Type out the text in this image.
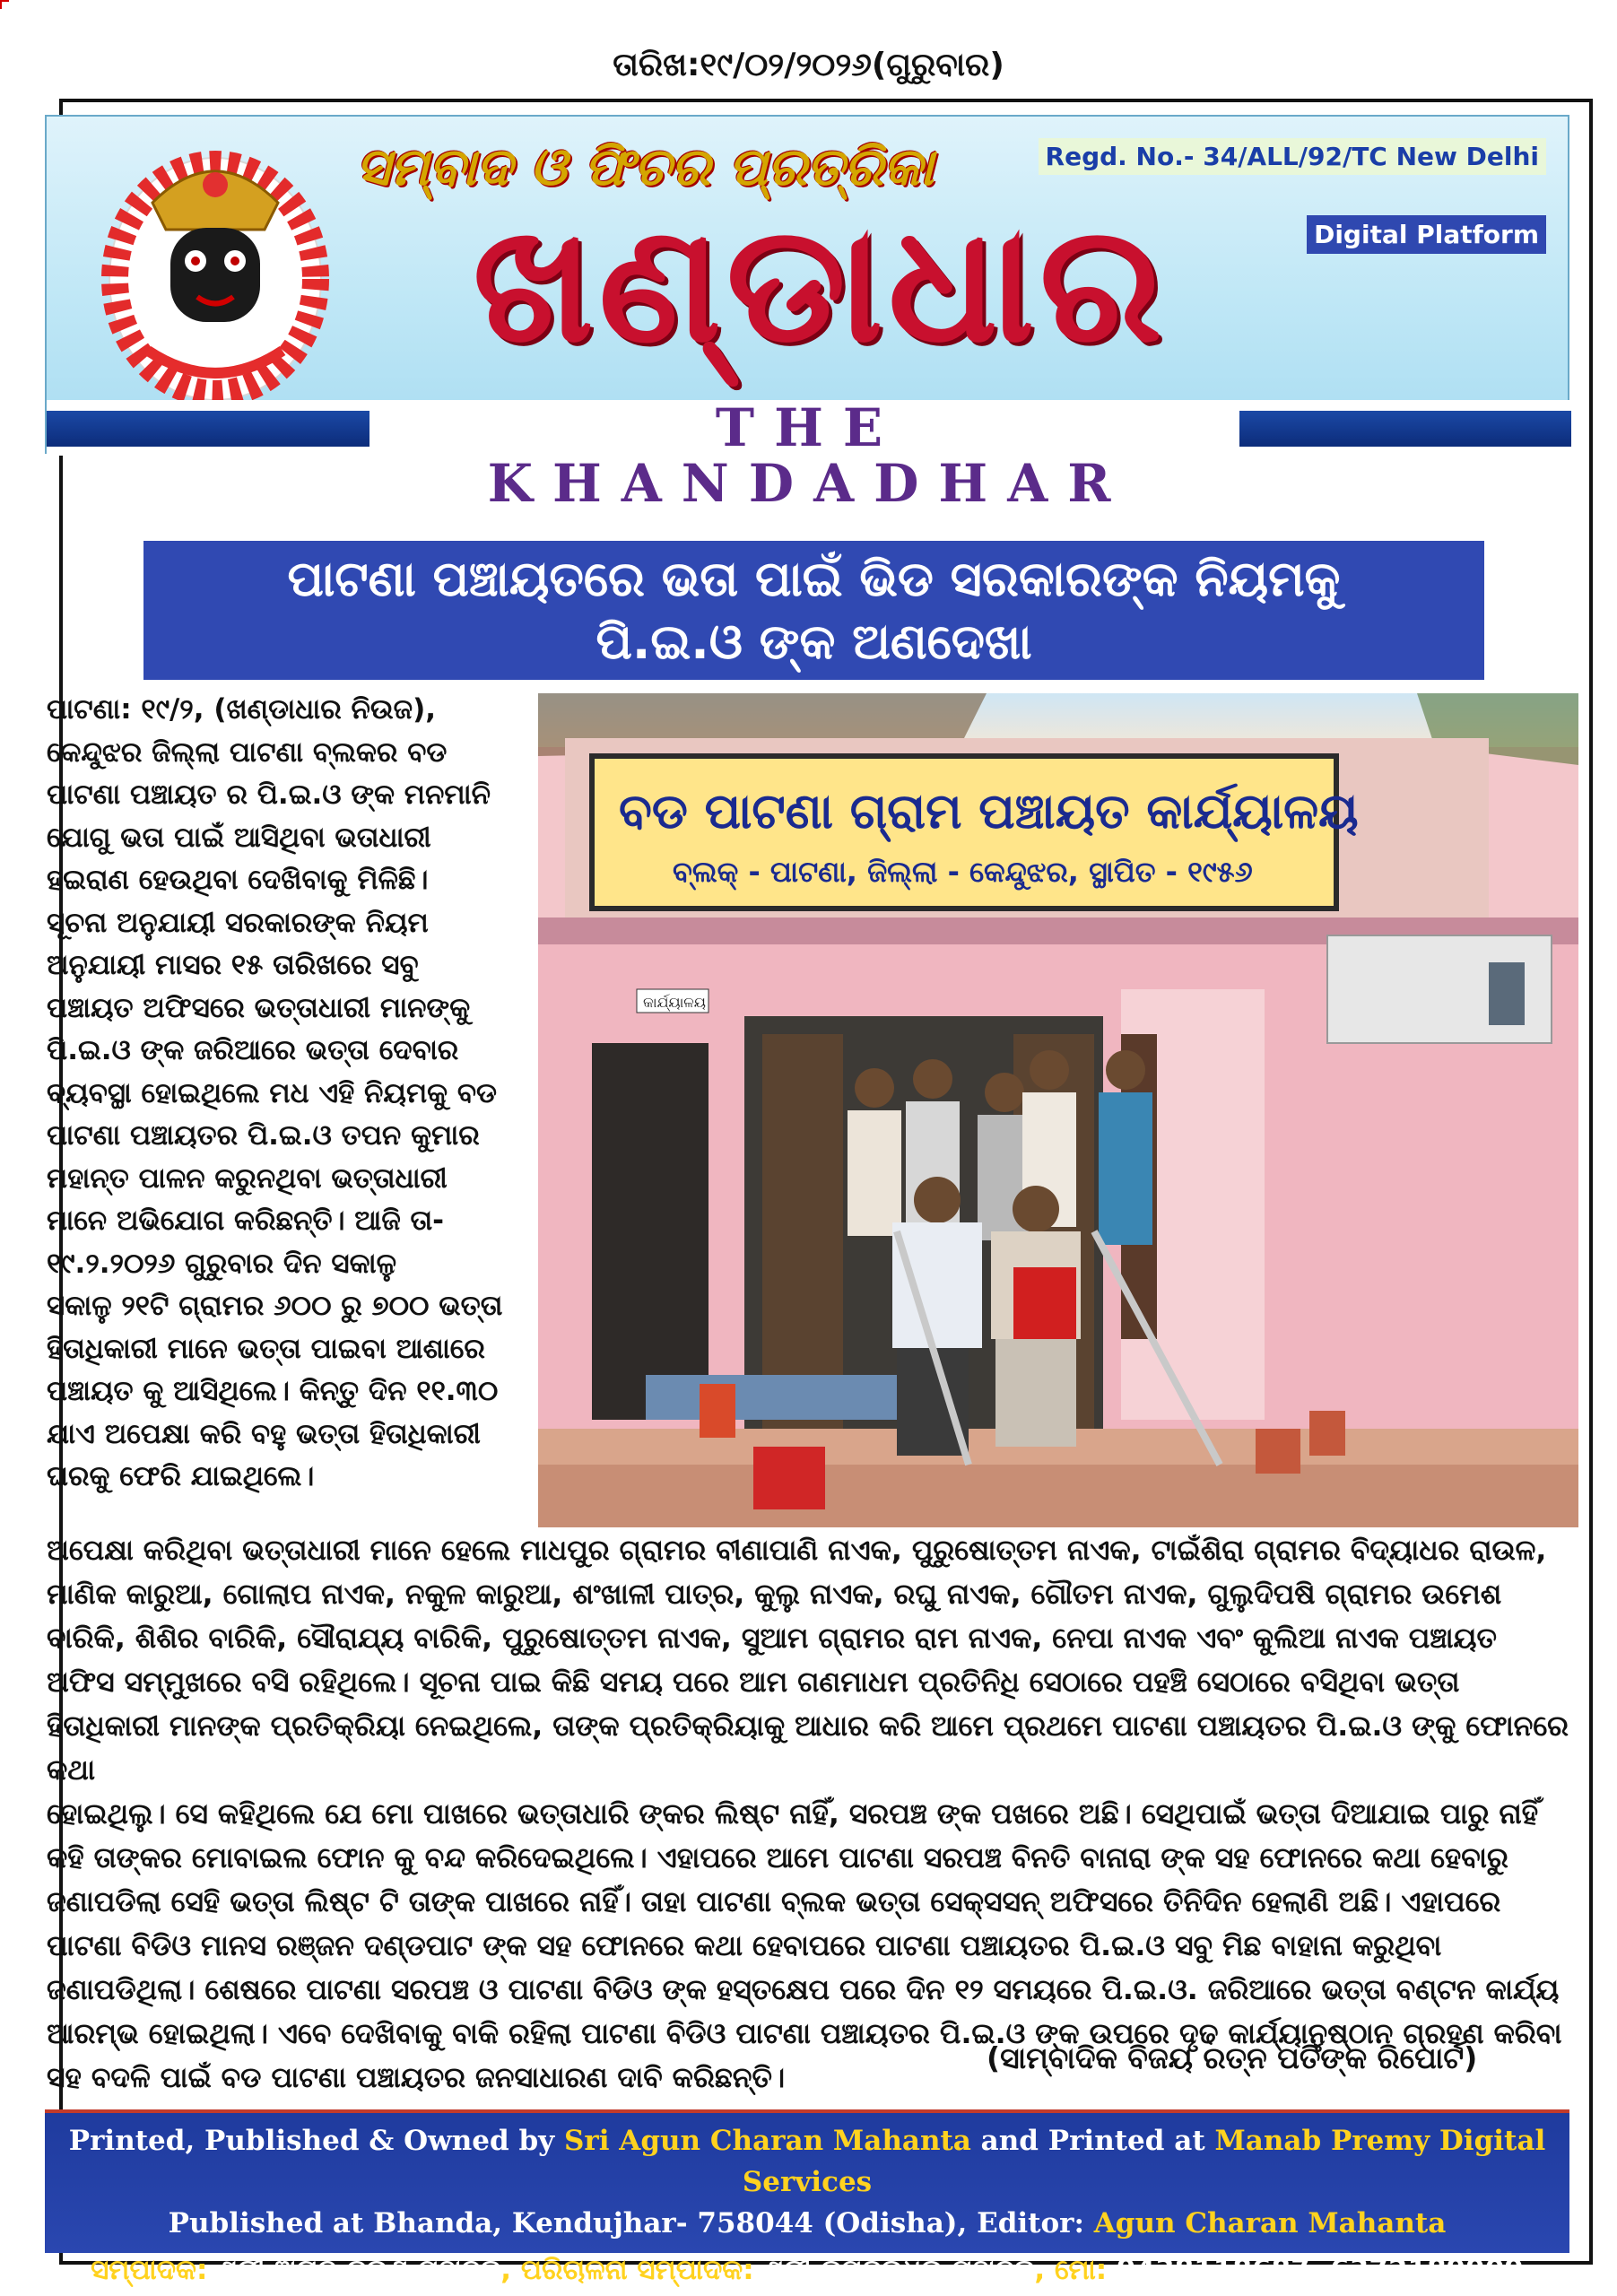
ତାରିଖ:୧୯/୦୨/୨୦୨୬(ଗୁରୁବାର)
ସମ୍ବାଦ ଓ ଫିଚର ପ୍ରତ୍ରିକା
ଖଣ୍ଡାଧାର
Regd. No.- 34/ALL/92/TC New Delhi
Digital Platform
THE KHANDADHAR
ପାଟଣା ପଞ୍ଚାୟତରେ ଭତା ପାଇଁ ଭିଡ ସରକାରଙ୍କ ନିୟମକୁ
ପି.ଇ.ଓ ଙ୍କ ଅଣଦେଖା
ପାଟଣା: ୧୯/୨, (ଖଣ୍ଡାଧାର ନିଉଜ),
କେନ୍ଦୁଝର ଜିଲ୍ଲା ପାଟଣା ବ୍ଲକର ବଡ
ପାଟଣା ପଞ୍ଚାୟତ ର ପି.ଇ.ଓ ଙ୍କ ମନମାନି
ଯୋଗୁ ଭତା ପାଇଁ ଆସିଥିବା ଭତାଧାରୀ
ହଇରାଣ ହେଉଥିବା ଦେଖିବାକୁ ମିଳିଛି।
ସୂଚନା ଅନୁଯାୟୀ ସରକାରଙ୍କ ନିୟମ
ଅନୁଯାୟୀ ମାସର ୧୫ ତାରିଖରେ ସବୁ
ପଞ୍ଚାୟତ ଅଫିସରେ ଭତ୍ତାଧାରୀ ମାନଙ୍କୁ
ପି.ଇ.ଓ ଙ୍କ ଜରିଆରେ ଭତ୍ତା ଦେବାର
ବ୍ୟବସ୍ଥା ହୋଇଥିଲେ ମଧ ଏହି ନିୟମକୁ ବଡ
ପାଟଣା ପଞ୍ଚାୟତର ପି.ଇ.ଓ ତପନ କୁମାର
ମହାନ୍ତ ପାଳନ କରୁନଥିବା ଭତ୍ତାଧାରୀ
ମାନେ ଅଭିଯୋଗ କରିଛନ୍ତି। ଆଜି ତା-
୧୯.୨.୨୦୨୬ ଗୁରୁବାର ଦିନ ସକାଳୁ
ସକାଳୁ ୨୧ଟି ଗ୍ରାମର ୬୦୦ ରୁ ୭୦୦ ଭତ୍ତା
ହିତାଧିକାରୀ ମାନେ ଭତ୍ତା ପାଇବା ଆଶାରେ
ପଞ୍ଚାୟତ କୁ ଆସିଥିଲେ। କିନ୍ତୁ ଦିନ ୧୧.୩୦
ଯାଏ ଅପେକ୍ଷା କରି ବହୁ ଭତ୍ତା ହିତାଧିକାରୀ
ଘରକୁ ଫେରି ଯାଇଥିଲେ।
ବଡ ପାଟଣା ଗ୍ରାମ ପଞ୍ଚାୟତ କାର୍ଯ୍ୟାଳୟ
ବ୍ଲକ୍ - ପାଟଣା, ଜିଲ୍ଲା - କେନ୍ଦୁଝର, ସ୍ଥାପିତ - ୧୯୫୬
କାର୍ଯ୍ୟାଳୟ
ଅପେକ୍ଷା କରିଥିବା ଭତ୍ତାଧାରୀ ମାନେ ହେଲେ ମାଧପୁର ଗ୍ରାମର ବୀଣାପାଣି ନାଏକ, ପୁରୁଷୋତ୍ତମ ନାଏକ, ଟାଇଁଶିରା ଗ୍ରାମର ବିଦ୍ୟାଧର ରାଉଳ,
ମାଣିକ କାରୁଆ, ଗୋଲାପ ନାଏକ, ନକୁଳ କାରୁଆ, ଶଂଖାଳୀ ପାତ୍ର, କୁଲୁ ନାଏକ, ରଘୁ ନାଏକ, ଗୌତମ ନାଏକ, ଗୁଲୁଦିପଷି ଗ୍ରାମର ଉମେଶ
ବାରିକି, ଶିଶିର ବାରିକି, ସୌରାଯ୍ୟ ବାରିକି, ପୁରୁଷୋତ୍ତମ ନାଏକ, ସୁଆମ ଗ୍ରାମର ରାମ ନାଏକ, ନେପା ନାଏକ ଏବଂ କୁଲିଆ ନାଏକ ପଞ୍ଚାୟତ
ଅଫିସ ସମ୍ମୁଖରେ ବସି ରହିଥିଲେ। ସୂଚନା ପାଇ କିଛି ସମୟ ପରେ ଆମ ଗଣମାଧମ ପ୍ରତିନିଧି ସେଠାରେ ପହଞ୍ଚି ସେଠାରେ ବସିଥିବା ଭତ୍ତା
ହିତାଧିକାରୀ ମାନଙ୍କ ପ୍ରତିକ୍ରିୟା ନେଇଥିଲେ, ତାଙ୍କ ପ୍ରତିକ୍ରିୟାକୁ ଆଧାର କରି ଆମେ ପ୍ରଥମେ ପାଟଣା ପଞ୍ଚାୟତର ପି.ଇ.ଓ ଙ୍କୁ ଫୋନରେ କଥା
ହୋଇଥିଲୁ। ସେ କହିଥିଲେ ଯେ ମୋ ପାଖରେ ଭତ୍ତାଧାରି ଙ୍କର ଲିଷ୍ଟ ନାହିଁ, ସରପଞ୍ଚ ଙ୍କ ପଖରେ ଅଛି। ସେଥିପାଇଁ ଭତ୍ତା ଦିଆଯାଇ ପାରୁ ନାହିଁ
କହି ତାଙ୍କର ମୋବାଇଲ ଫୋନ କୁ ବନ୍ଦ କରିଦେଇଥିଲେ। ଏହାପରେ ଆମେ ପାଟଣା ସରପଞ୍ଚ ବିନତି ବାନାରା ଙ୍କ ସହ ଫୋନରେ କଥା ହେବାରୁ
ଜଣାପଡିଲା ସେହି ଭତ୍ତା ଲିଷ୍ଟ ଟି ତାଙ୍କ ପାଖରେ ନାହିଁ। ତାହା ପାଟଣା ବ୍ଲକ ଭତ୍ତା ସେକ୍ସସନ୍ ଅଫିସରେ ତିନିଦିନ ହେଲାଣି ଅଛି। ଏହାପରେ
ପାଟଣା ବିଡିଓ ମାନସ ରଞ୍ଜନ ଦଣ୍ଡପାଟ ଙ୍କ ସହ ଫୋନରେ କଥା ହେବାପରେ ପାଟଣା ପଞ୍ଚାୟତର ପି.ଇ.ଓ ସବୁ ମିଛ ବାହାନା କରୁଥିବା
ଜଣାପଡିଥିଲା। ଶେଷରେ ପାଟଣା ସରପଞ୍ଚ ଓ ପାଟଣା ବିଡିଓ ଙ୍କ ହସ୍ତକ୍ଷେପ ପରେ ଦିନ ୧୨ ସମୟରେ ପି.ଇ.ଓ. ଜରିଆରେ ଭତ୍ତା ବଣ୍ଟନ କାର୍ଯ୍ୟ
ଆରମ୍ଭ ହୋଇଥିଲା। ଏବେ ଦେଖିବାକୁ ବାକି ରହିଲା ପାଟଣା ବିଡିଓ ପାଟଣା ପଞ୍ଚାୟତର ପି.ଇ.ଓ ଙ୍କ ଉପରେ ଦୃଢ କାର୍ଯ୍ୟାନୁଷ୍ଠାନ ଗ୍ରହଣ କରିବା
ସହ ବଦଳି ପାଇଁ ବଡ ପାଟଣା ପଞ୍ଚାୟତର ଜନସାଧାରଣ ଦାବି କରିଛନ୍ତି।
(ସାମ୍ବାଦିକ ବିଜୟ ରତ୍ନ ପତିଙ୍କ ରିପୋର୍ଟ)
Printed, Published & Owned by Sri Agun Charan Mahanta and Printed at Manab Premy Digital Services
Published at Bhanda, Kendujhar- 758044 (Odisha), Editor: Agun Charan Mahanta
ସମ୍ପାଦକ: ଶ୍ରୀ ଅଗୁନ ଚରଣ ମହାନ୍ତ, ପରିଚାଳନା ସମ୍ପାଦକ: ଶ୍ରୀ ଡମ୍ବରୁଧର ମହାନ୍ତ, ମୋ: 9438118687, 6372189909
